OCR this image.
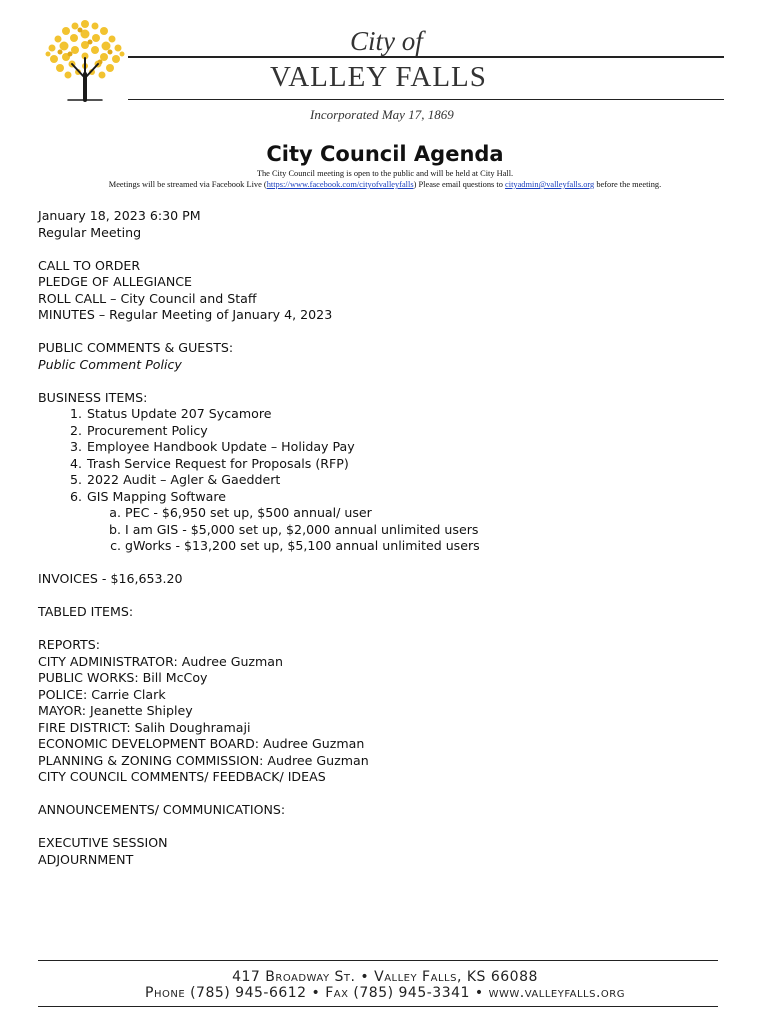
City of
VALLEY FALLS
Incorporated May 17, 1869
City Council Agenda
The City Council meeting is open to the public and will be held at City Hall.
Meetings will be streamed via Facebook Live (https://www.facebook.com/cityofvalleyfalls) Please email questions to cityadmin@valleyfalls.org before the meeting.
January 18, 2023 6:30 PM
Regular Meeting
CALL TO ORDER
PLEDGE OF ALLEGIANCE
ROLL CALL – City Council and Staff
MINUTES – Regular Meeting of January 4, 2023
PUBLIC COMMENTS & GUESTS:
Public Comment Policy
BUSINESS ITEMS:
1. Status Update 207 Sycamore
2. Procurement Policy
3. Employee Handbook Update – Holiday Pay
4. Trash Service Request for Proposals (RFP)
5. 2022 Audit – Agler & Gaeddert
6. GIS Mapping Software
a. PEC - $6,950 set up, $500 annual/ user
b. I am GIS - $5,000 set up, $2,000 annual unlimited users
c. gWorks - $13,200 set up, $5,100 annual unlimited users
INVOICES - $16,653.20
TABLED ITEMS:
REPORTS:
CITY ADMINISTRATOR: Audree Guzman
PUBLIC WORKS: Bill McCoy
POLICE: Carrie Clark
MAYOR: Jeanette Shipley
FIRE DISTRICT: Salih Doughramaji
ECONOMIC DEVELOPMENT BOARD: Audree Guzman
PLANNING & ZONING COMMISSION: Audree Guzman
CITY COUNCIL COMMENTS/ FEEDBACK/ IDEAS
ANNOUNCEMENTS/ COMMUNICATIONS:
EXECUTIVE SESSION
ADJOURNMENT
417 Broadway St. • Valley Falls, KS 66088
Phone (785) 945-6612 • Fax (785) 945-3341 • www.valleyfalls.org
